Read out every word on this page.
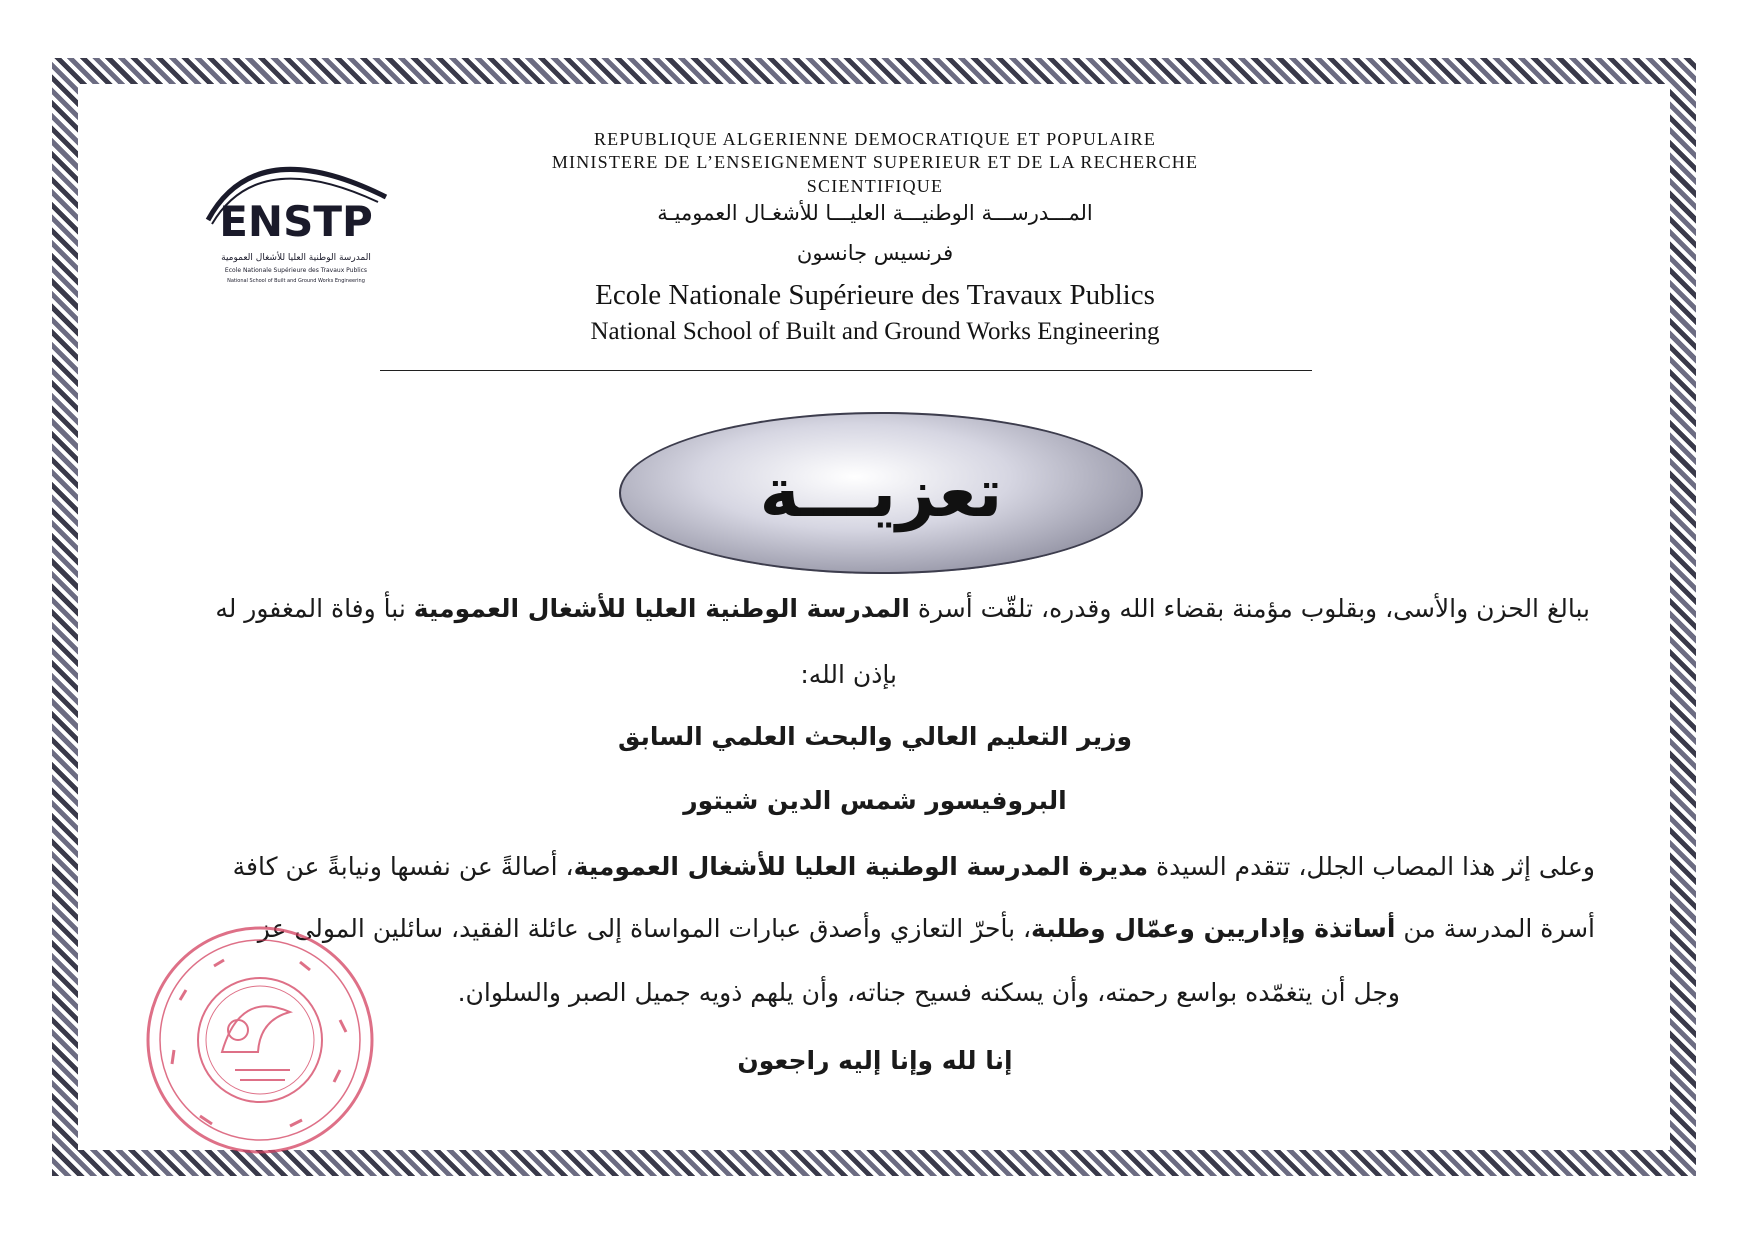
ENSTP
المدرسة الوطنية العليا للأشغال العمومية
Ecole Nationale Supérieure des Travaux Publics
National School of Built and Ground Works Engineering
REPUBLIQUE ALGERIENNE DEMOCRATIQUE ET POPULAIRE
MINISTERE DE L’ENSEIGNEMENT SUPERIEUR ET DE LA RECHERCHE
SCIENTIFIQUE
المـــدرســـة الوطنيـــة العليـــا للأشغـال العموميـة
فرنسيس جانسون
Ecole Nationale Supérieure des Travaux Publics
National School of Built and Ground Works Engineering
تعزيـــة
ببالغ الحزن والأسى، وبقلوب مؤمنة بقضاء الله وقدره، تلقّت أسرة المدرسة الوطنية العليا للأشغال العمومية نبأ وفاة المغفور له
بإذن الله:
وزير التعليم العالي والبحث العلمي السابق
البروفيسور شمس الدين شيتور
وعلى إثر هذا المصاب الجلل، تتقدم السيدة مديرة المدرسة الوطنية العليا للأشغال العمومية، أصالةً عن نفسها ونيابةً عن كافة
أسرة المدرسة من أساتذة وإداريين وعمّال وطلبة، بأحرّ التعازي وأصدق عبارات المواساة إلى عائلة الفقيد، سائلين المولى عز
وجل أن يتغمّده بواسع رحمته، وأن يسكنه فسيح جناته، وأن يلهم ذويه جميل الصبر والسلوان.
إنا لله وإنا إليه راجعون
